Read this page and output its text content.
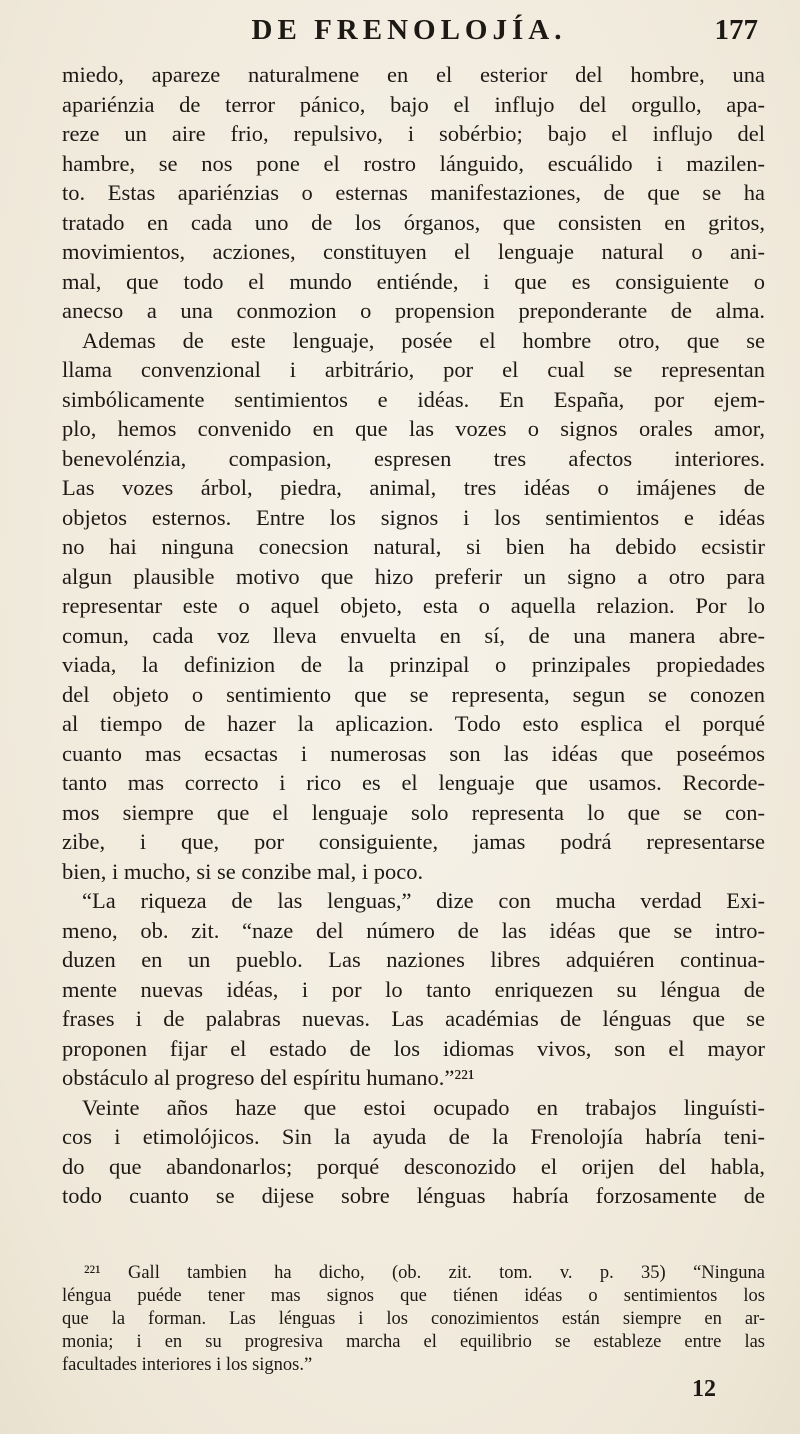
DE FRENOLOJÍA.	177
miedo, apareze naturalmene en el esterior del hombre, una
apariénzia de terror pánico, bajo el influjo del orgullo, apa-
reze un aire frio, repulsivo, i sobérbio; bajo el influjo del
hambre, se nos pone el rostro lánguido, escuálido i mazilen-
to. Estas apariénzias o esternas manifestaziones, de que se ha
tratado en cada uno de los órganos, que consisten en gritos,
movimientos, acziones, constituyen el lenguaje natural o ani-
mal, que todo el mundo entiénde, i que es consiguiente o
anecso a una conmozion o propension preponderante de alma.
Ademas de este lenguaje, posée el hombre otro, que se
llama convenzional i arbitrário, por el cual se representan
simbólicamente sentimientos e idéas. En España, por ejem-
plo, hemos convenido en que las vozes o signos orales amor,
benevolénzia, compasion, espresen tres afectos interiores.
Las vozes árbol, piedra, animal, tres idéas o imájenes de
objetos esternos. Entre los signos i los sentimientos e idéas
no hai ninguna conecsion natural, si bien ha debido ecsistir
algun plausible motivo que hizo preferir un signo a otro para
representar este o aquel objeto, esta o aquella relazion. Por lo
comun, cada voz lleva envuelta en sí, de una manera abre-
viada, la definizion de la prinzipal o prinzipales propiedades
del objeto o sentimiento que se representa, segun se conozen
al tiempo de hazer la aplicazion. Todo esto esplica el porqué
cuanto mas ecsactas i numerosas son las idéas que poseémos
tanto mas correcto i rico es el lenguaje que usamos. Recorde-
mos siempre que el lenguaje solo representa lo que se con-
zibe, i que, por consiguiente, jamas podrá representarse
bien, i mucho, si se conzibe mal, i poco.
“La riqueza de las lenguas,” dize con mucha verdad Exi-
meno, ob. zit. “naze del número de las idéas que se intro-
duzen en un pueblo. Las naziones libres adquiéren continua-
mente nuevas idéas, i por lo tanto enriquezen su léngua de
frases i de palabras nuevas. Las académias de lénguas que se
proponen fijar el estado de los idiomas vivos, son el mayor
obstáculo al progreso del espíritu humano.”²²¹
Veinte años haze que estoi ocupado en trabajos linguísti-
cos i etimolójicos. Sin la ayuda de la Frenolojía habría teni-
do que abandonarlos; porqué desconozido el orijen del habla,
todo cuanto se dijese sobre lénguas habría forzosamente de
²²¹ Gall tambien ha dicho, (ob. zit. tom. v. p. 35) “Ninguna
léngua puéde tener mas signos que tiénen idéas o sentimientos los
que la forman. Las lénguas i los conozimientos están siempre en ar-
monia; i en su progresiva marcha el equilibrio se estableze entre las
facultades interiores i los signos.”
12
